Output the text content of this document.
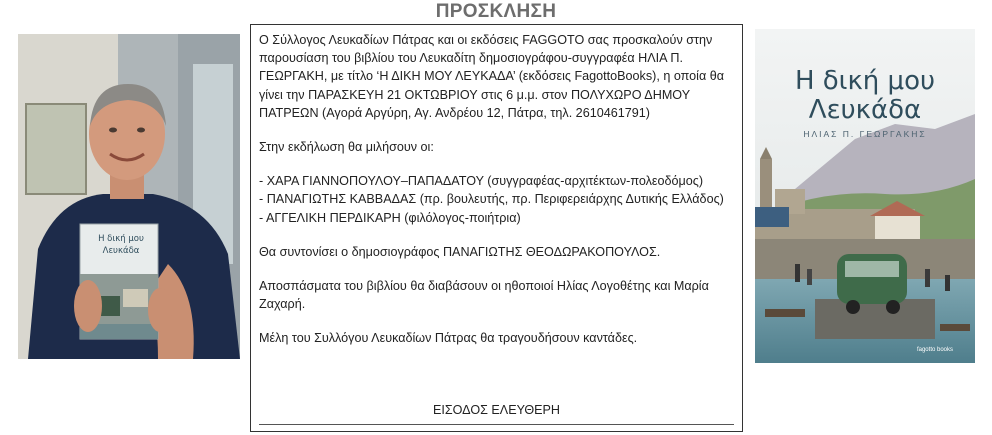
ΠΡΟΣΚΛΗΣΗ
Η δική μου
Λευκάδα

Ο Σύλλογος Λευκαδίων Πάτρας και οι εκδόσεις FAGGOTO σας προσκαλούν στην παρουσίαση του βιβλίου του Λευκαδίτη δημοσιογράφου-συγγραφέα ΗΛΙΑ Π. ΓΕΩΡΓΑΚΗ, με τίτλο ‘Η ΔΙΚΗ ΜΟΥ ΛΕΥΚΑΔΑ’ (εκδόσεις FagottoBooks), η οποία θα γίνει την ΠΑΡΑΣΚΕΥΗ 21 ΟΚΤΩΒΡΙΟΥ στις 6 μ.μ. στον ΠΟΛΥΧΩΡΟ ΔΗΜΟΥ ΠΑΤΡΕΩΝ (Αγορά Αργύρη, Αγ. Ανδρέου 12, Πάτρα, τηλ. 2610461791)

Στην εκδήλωση θα μιλήσουν οι:

- ΧΑΡΑ ΓΙΑΝΝΟΠΟΥΛΟΥ–ΠΑΠΑΔΑΤΟΥ (συγγραφέας-αρχιτέκτων-πολεοδόμος)

- ΠΑΝΑΓΙΩΤΗΣ ΚΑΒΒΑΔΑΣ (πρ. βουλευτής, πρ. Περιφερειάρχης Δυτικής Ελλάδος)

- ΑΓΓΕΛΙΚΗ ΠΕΡΔΙΚΑΡΗ (φιλόλογος-ποιήτρια)

Θα συντονίσει ο δημοσιογράφος ΠΑΝΑΓΙΩΤΗΣ ΘΕΟΔΩΡΑΚΟΠΟΥΛΟΣ.

Αποσπάσματα του βιβλίου θα διαβάσουν οι ηθοποιοί Ηλίας Λογοθέτης και Μαρία Ζαχαρή.

Μέλη του Συλλόγου Λευκαδίων Πάτρας θα τραγουδήσουν καντάδες.

ΕΙΣΟΔΟΣ ΕΛΕΥΘΕΡΗ
Η δική μου
Λευκάδα
ΗΛΙΑΣ Π. ΓΕΩΡΓΑΚΗΣ
fagotto books
